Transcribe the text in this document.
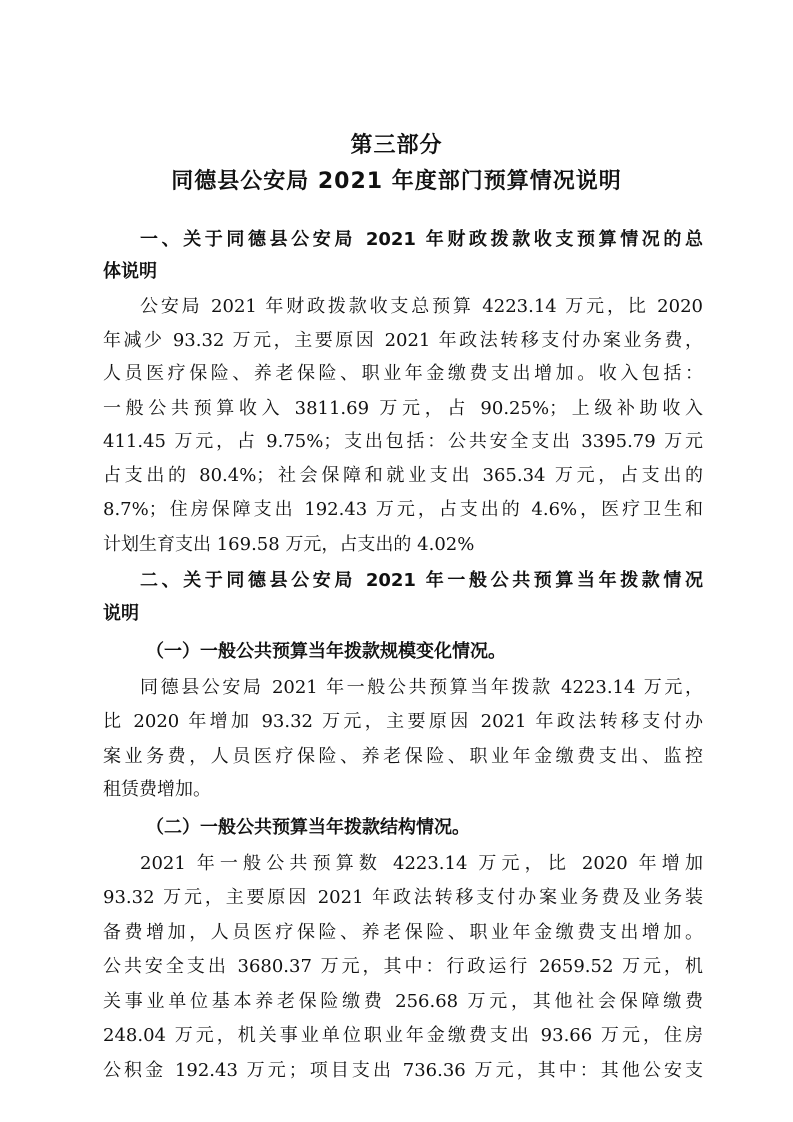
第三部分
同德县公安局 2021 年度部门预算情况说明
一、关于同德县公安局 2021 年财政拨款收支预算情况的总
体说明
公安局 2021 年财政拨款收支总预算 4223.14 万元，比 2020
年减少 93.32 万元，主要原因 2021 年政法转移支付办案业务费，
人员医疗保险、养老保险、职业年金缴费支出增加。收入包括：
一般公共预算收入 3811.69 万元，占 90.25%；上级补助收入
411.45 万元，占 9.75%；支出包括：公共安全支出 3395.79 万元
占支出的 80.4%；社会保障和就业支出 365.34 万元，占支出的
8.7%；住房保障支出 192.43 万元，占支出的 4.6%，医疗卫生和
计划生育支出 169.58 万元，占支出的 4.02%
二、关于同德县公安局 2021 年一般公共预算当年拨款情况
说明
（一）一般公共预算当年拨款规模变化情况。
同德县公安局 2021 年一般公共预算当年拨款 4223.14 万元，
比 2020 年增加 93.32 万元，主要原因 2021 年政法转移支付办
案业务费，人员医疗保险、养老保险、职业年金缴费支出、监控
租赁费增加。
（二）一般公共预算当年拨款结构情况。
2021 年一般公共预算数 4223.14 万元，比 2020 年增加
93.32 万元，主要原因 2021 年政法转移支付办案业务费及业务装
备费增加，人员医疗保险、养老保险、职业年金缴费支出增加。
公共安全支出 3680.37 万元，其中：行政运行 2659.52 万元，机
关事业单位基本养老保险缴费 256.68 万元，其他社会保障缴费
248.04 万元，机关事业单位职业年金缴费支出 93.66 万元，住房
公积金 192.43 万元；项目支出 736.36 万元，其中：其他公安支
